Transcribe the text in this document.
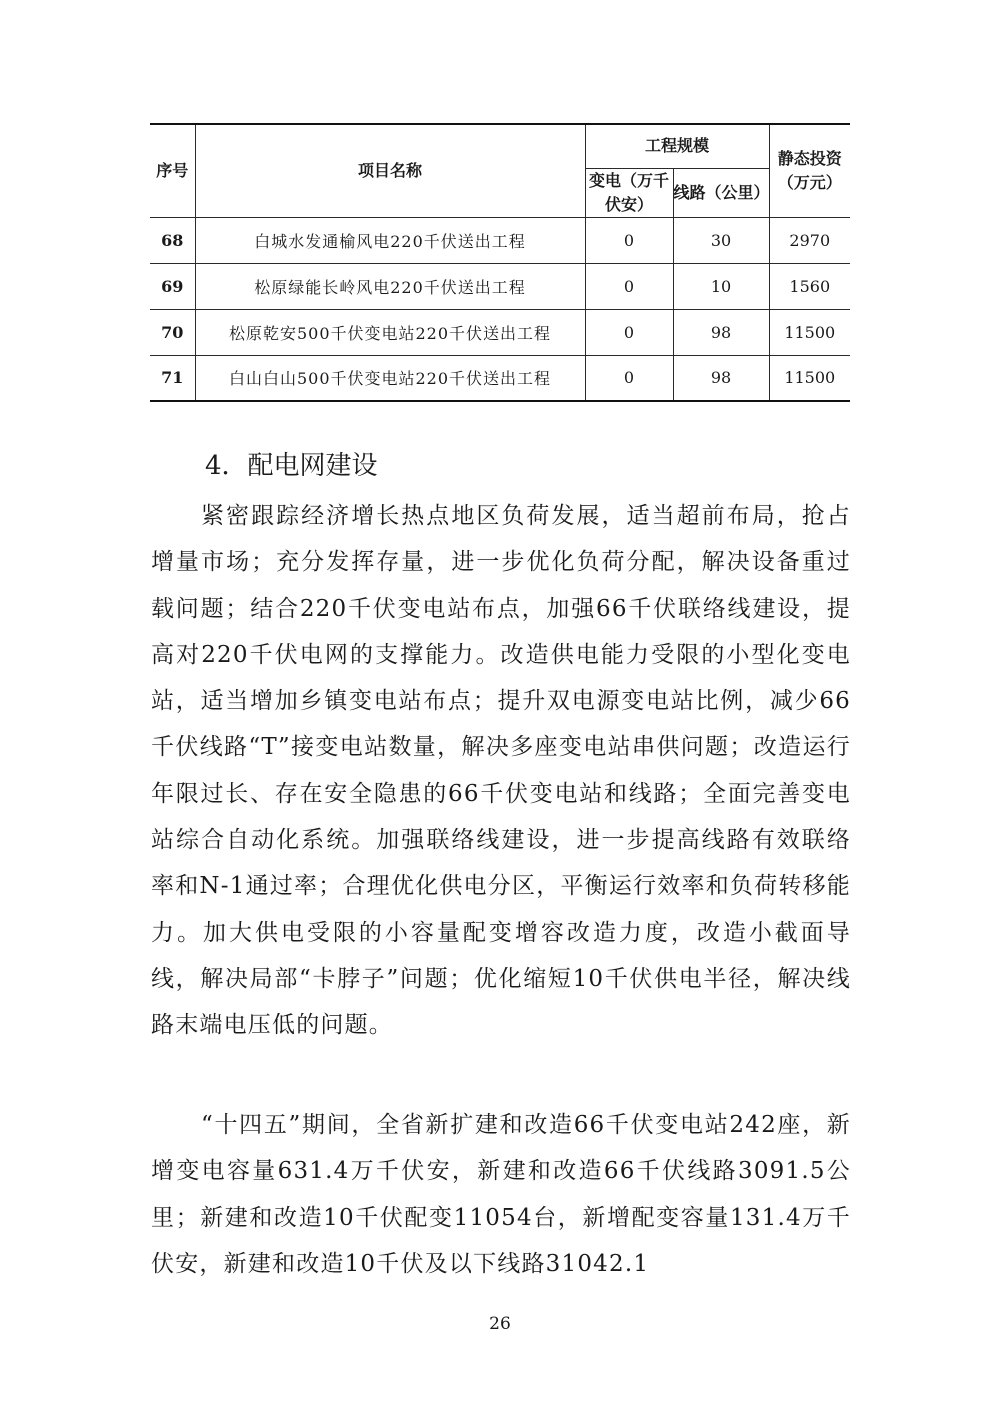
序号	项目名称	工程规模		静态投资（万元）
		变电（万千伏安）	线路（公里）	
68	白城水发通榆风电220千伏送出工程	0	30	2970
69	松原绿能长岭风电220千伏送出工程	0	10	1560
70	松原乾安500千伏变电站220千伏送出工程	0	98	11500
71	白山白山500千伏变电站220千伏送出工程	0	98	11500
4．配电网建设

紧密跟踪经济增长热点地区负荷发展，适当超前布局，抢占增量市场；充分发挥存量，进一步优化负荷分配，解决设备重过载问题；结合220千伏变电站布点，加强66千伏联络线建设，提高对220千伏电网的支撑能力。改造供电能力受限的小型化变电站，适当增加乡镇变电站布点；提升双电源变电站比例，减少66千伏线路“T”接变电站数量，解决多座变电站串供问题；改造运行年限过长、存在安全隐患的66千伏变电站和线路；全面完善变电站综合自动化系统。加强联络线建设，进一步提高线路有效联络率和N-1通过率；合理优化供电分区，平衡运行效率和负荷转移能力。加大供电受限的小容量配变增容改造力度，改造小截面导线，解决局部“卡脖子”问题；优化缩短10千伏供电半径，解决线路末端电压低的问题。

“十四五”期间，全省新扩建和改造66千伏变电站242座，新增变电容量631.4万千伏安，新建和改造66千伏线路3091.5公里；新建和改造10千伏配变11054台，新增配变容量131.4万千伏安，新建和改造10千伏及以下线路31042.1

26
